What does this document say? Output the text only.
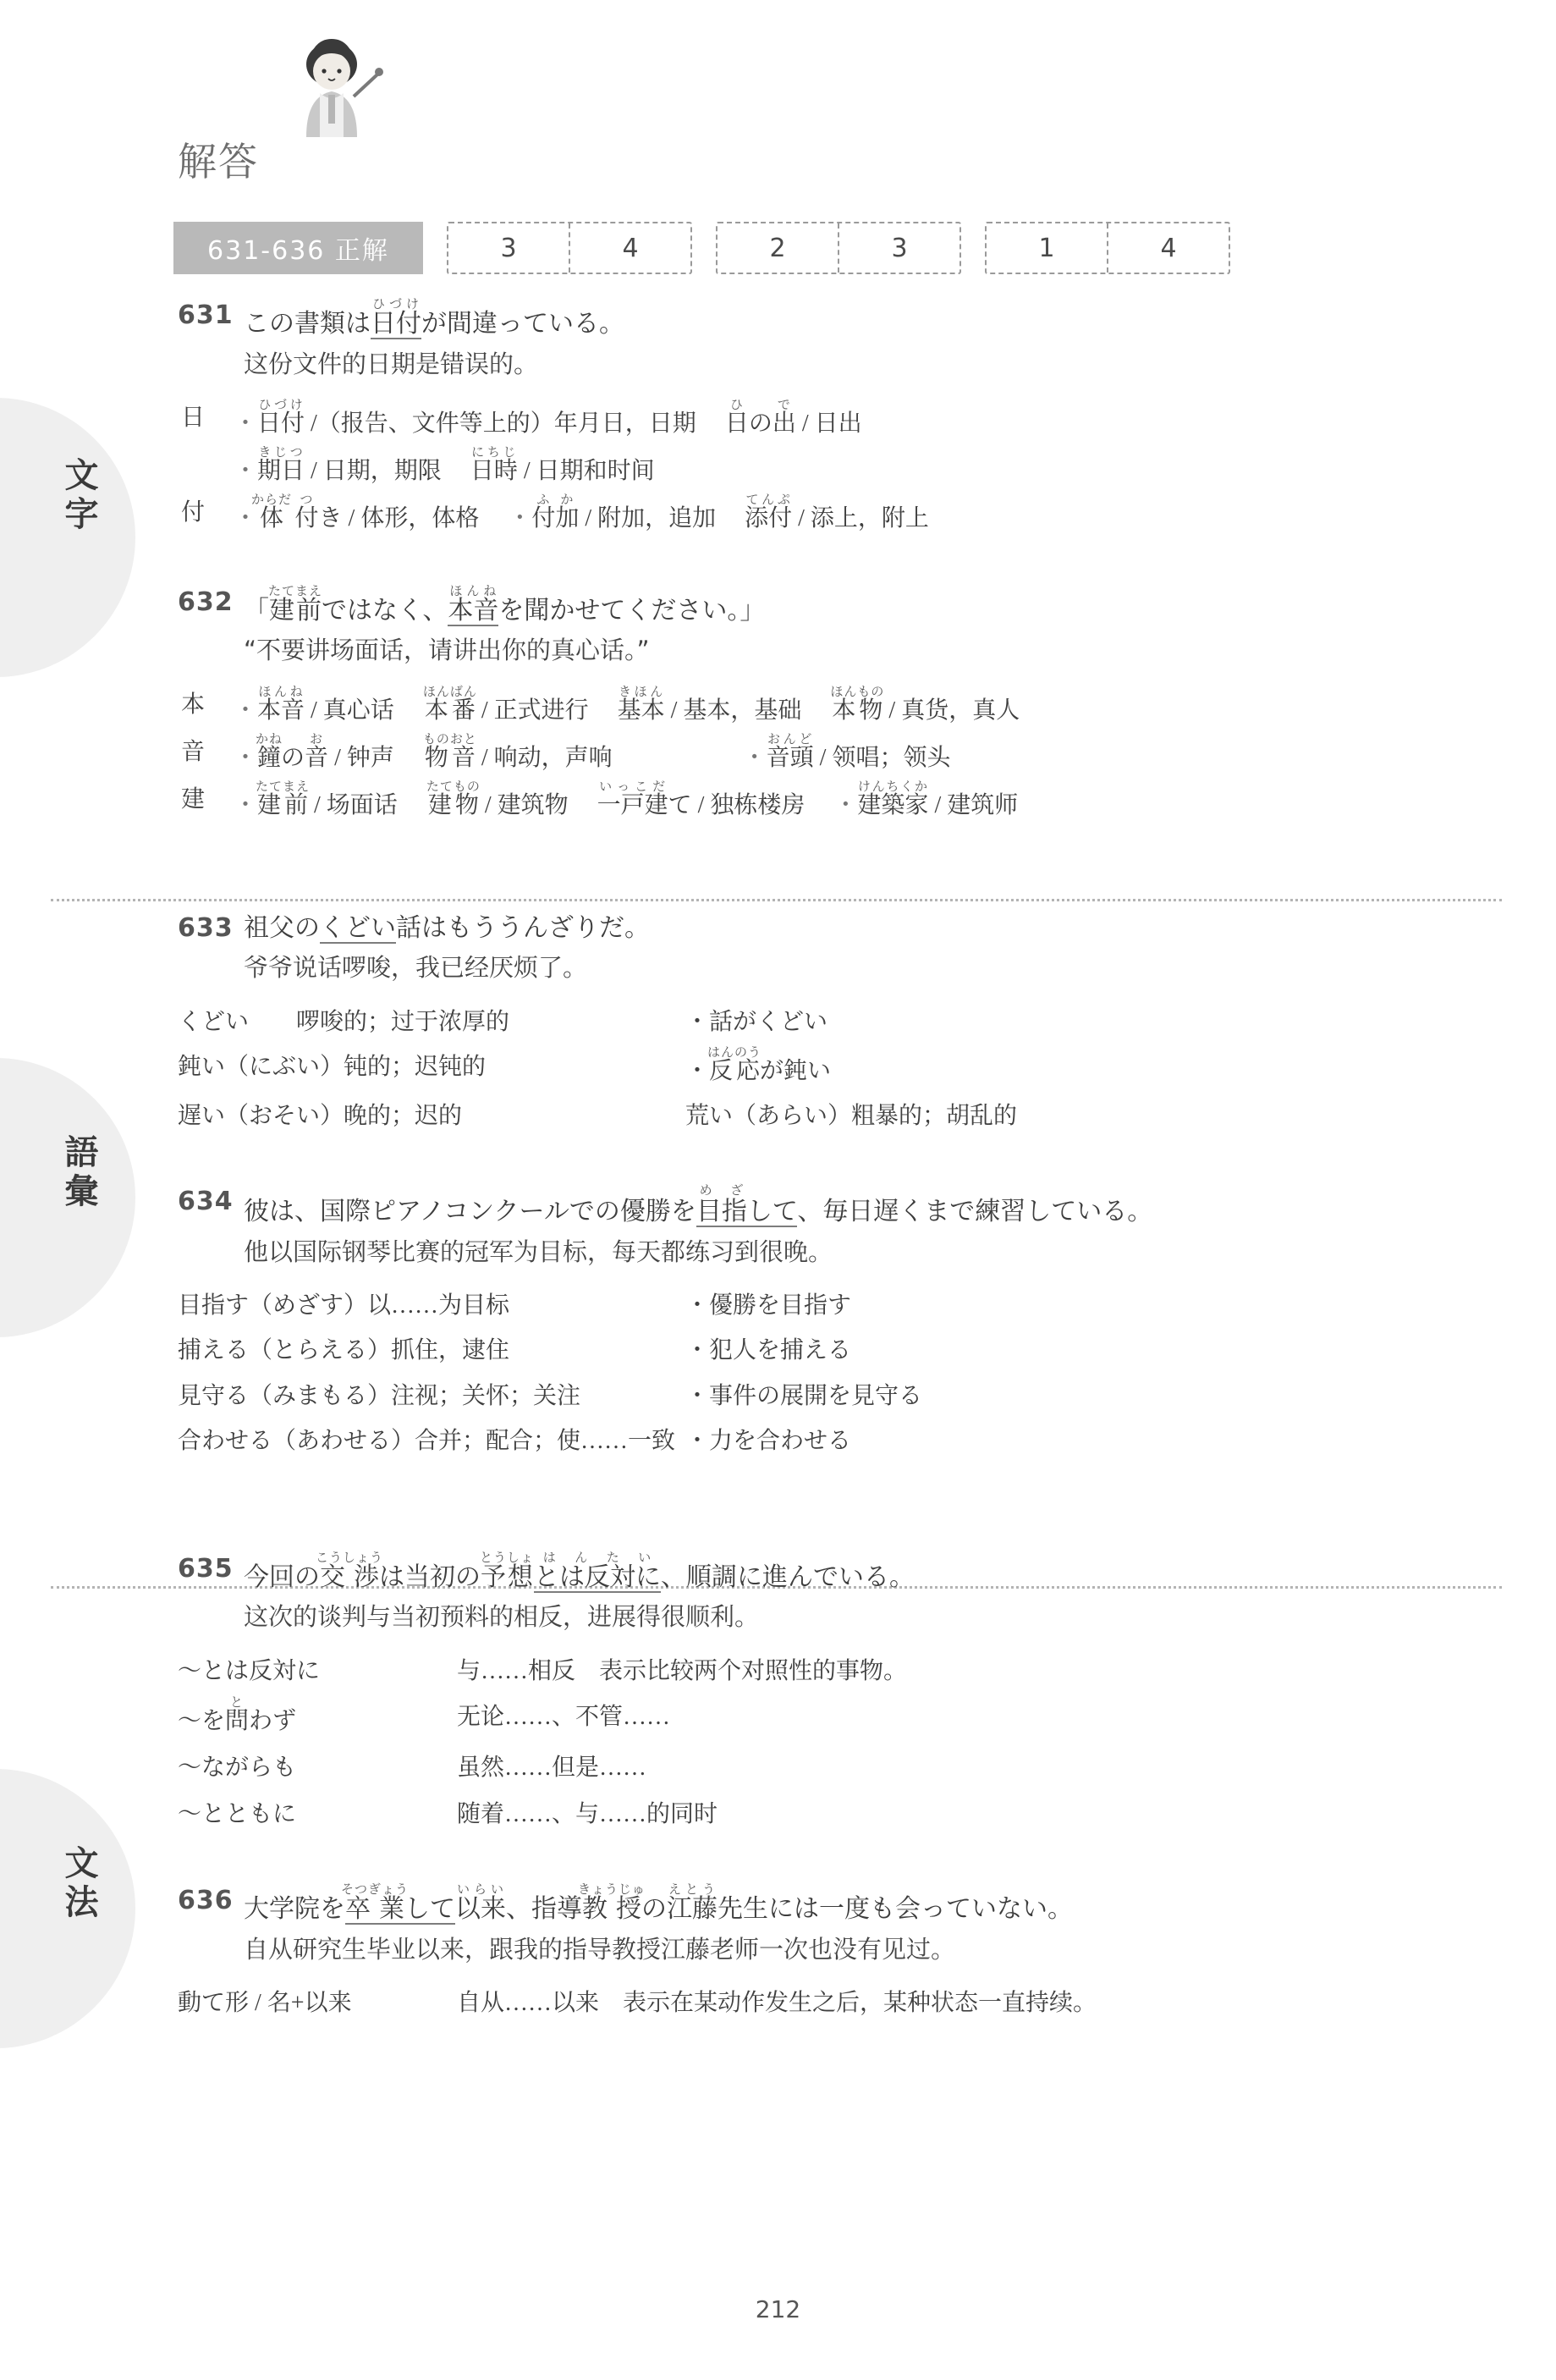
文字
語彙
文法
解答
631-636 正解	3	4	2	3	1	4
631 この書類は日付ひづけが間違っている。
这份文件的日期是错误的。
日	・ 日付ひづけ /（报告、文件等上的）年月日，日期 日ひの出で / 日出
・ 期日きじつ / 日期，期限 日時にちじ / 日期和时间
付	・ 体からだ 付つき / 体形，体格	・ 付加ふか / 附加，追加 添付てんぷ / 添上，附上
632 「建前たてまえではなく、本音ほんねを聞かせてください。」
“不要讲场面话，请讲出你的真心话。”
本	・ 本音ほんね / 真心话 本番ほんばん / 正式进行 基本きほん / 基本，基础 本物ほんもの / 真货，真人
音	・ 鐘かねの音お / 钟声 物音ものおと / 响动，声响	・ 音頭おんど / 领唱；领头
建	・ 建前たてまえ / 场面话 建物たてもの / 建筑物 一戸建いっこだて / 独栋楼房	・ 建築家けんちくか / 建筑师
633 祖父のくどい話はもううんざりだ。
爷爷说话啰唆，我已经厌烦了。
くどい　　啰唆的；过于浓厚的	・話がくどい
鈍い（にぶい）钝的；迟钝的	・反応はんのうが鈍い
遅い（おそい）晚的；迟的	荒い（あらい）粗暴的；胡乱的
634 彼は、国際ピアノコンクールでの優勝を目指め ざして、毎日遅くまで練習している。
他以国际钢琴比赛的冠军为目标，每天都练习到很晚。
目指す（めざす）以……为目标	・優勝を目指す
捕える（とらえる）抓住，逮住	・犯人を捕える
見守る（みまもる）注视；关怀；关注	・事件の展開を見守る
合わせる（あわせる）合并；配合；使……一致 ・力を合わせる
635 今回の交渉こうしょうは当初の予想とうしょとは反対にはんたい、順調に進んでいる。
这次的谈判与当初预料的相反，进展得很顺利。
～とは反対に	与……相反　表示比较两个对照性的事物。
～を問とわず	无论……、不管……
～ながらも	虽然……但是……
～とともに	随着……、与……的同时
636 大学院を卒業そつぎょうして以来いらい、指導教授きょうじゅの江藤えとう先生には一度も会っていない。
自从研究生毕业以来，跟我的指导教授江藤老师一次也没有见过。
動て形 / 名+以来	自从……以来　表示在某动作发生之后，某种状态一直持续。
212
